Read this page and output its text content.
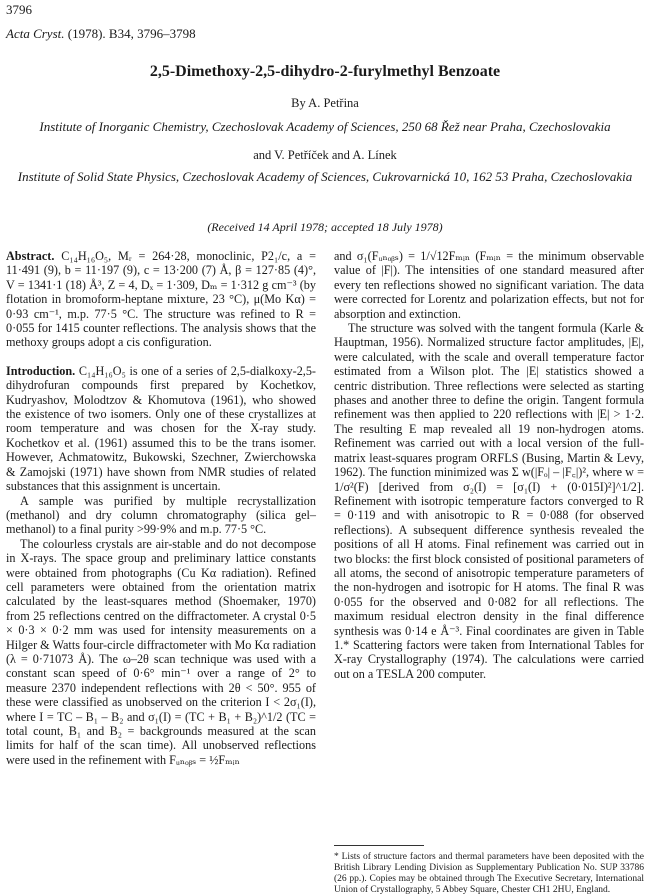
3796
Acta Cryst. (1978). B34, 3796–3798
2,5-Dimethoxy-2,5-dihydro-2-furylmethyl Benzoate
By A. Petřina
Institute of Inorganic Chemistry, Czechoslovak Academy of Sciences, 250 68 Řež near Praha, Czechoslovakia
and V. Petříček and A. Línek
Institute of Solid State Physics, Czechoslovak Academy of Sciences, Cukrovarnická 10, 162 53 Praha, Czechoslovakia
(Received 14 April 1978; accepted 18 July 1978)

Abstract. C₁₄H₁₆O₅, Mᵣ = 264·28, monoclinic, P2₁/c, a = 11·491 (9), b = 11·197 (9), c = 13·200 (7) Å, β = 127·85 (4)°, V = 1341·1 (18) Å³, Z = 4, Dₓ = 1·309, Dₘ = 1·312 g cm⁻³ (by flotation in bromoform-heptane mixture, 23 °C), μ(Mo Kα) = 0·93 cm⁻¹, m.p. 77·5 °C. The structure was refined to R = 0·055 for 1415 counter reflections. The analysis shows that the methoxy groups adopt a cis configuration.

Introduction. C₁₄H₁₆O₅ is one of a series of 2,5-dialkoxy-2,5-dihydrofuran compounds first prepared by Kochetkov, Kudryashov, Molodtzov & Khomutova (1961), who showed the existence of two isomers. Only one of these crystallizes at room temperature and was chosen for the X-ray study. Kochetkov et al. (1961) assumed this to be the trans isomer. However, Achmatowitz, Bukowski, Szechner, Zwierchowska & Zamojski (1971) have shown from NMR studies of related substances that this assignment is uncertain.

A sample was purified by multiple recrystallization (methanol) and dry column chromatography (silica gel–methanol) to a final purity >99·9% and m.p. 77·5 °C.

The colourless crystals are air-stable and do not decompose in X-rays. The space group and preliminary lattice constants were obtained from photographs (Cu Kα radiation). Refined cell parameters were obtained from the orientation matrix calculated by the least-squares method (Shoemaker, 1970) from 25 reflections centred on the diffractometer. A crystal 0·5 × 0·3 × 0·2 mm was used for intensity measurements on a Hilger & Watts four-circle diffractometer with Mo Kα radiation (λ = 0·71073 Å). The ω–2θ scan technique was used with a constant scan speed of 0·6° min⁻¹ over a range of 2° to measure 2370 independent reflections with 2θ < 50°. 955 of these were classified as unobserved on the criterion I < 2σ₁(I), where I = TC – B₁ – B₂ and σ₁(I) = (TC + B₁ + B₂)^1/2 (TC = total count, B₁ and B₂ = backgrounds measured at the scan limits for half of the scan time). All unobserved reflections were used in the refinement with Fᵤₙₒᵦₛ = ½Fₘᵢₙ

and σ₁(Fᵤₙₒᵦₛ) = 1/√12Fₘᵢₙ (Fₘᵢₙ = the minimum observable value of |F|). The intensities of one standard measured after every ten reflections showed no significant variation. The data were corrected for Lorentz and polarization effects, but not for absorption and extinction.

The structure was solved with the tangent formula (Karle & Hauptman, 1956). Normalized structure factor amplitudes, |E|, were calculated, with the scale and overall temperature factor estimated from a Wilson plot. The |E| statistics showed a centric distribution. Three reflections were selected as starting phases and another three to define the origin. Tangent formula refinement was then applied to 220 reflections with |E| > 1·2. The resulting E map revealed all 19 non-hydrogen atoms. Refinement was carried out with a local version of the full-matrix least-squares program ORFLS (Busing, Martin & Levy, 1962). The function minimized was Σ w(|Fₒ| – |F꜀|)², where w = 1/σ²(F) [derived from σ₂(I) = [σ₁(I) + (0·015I)²]^1/2]. Refinement with isotropic temperature factors converged to R = 0·119 and with anisotropic to R = 0·088 (for observed reflections). A subsequent difference synthesis revealed the positions of all H atoms. Final refinement was carried out in two blocks: the first block consisted of positional parameters of all atoms, the second of anisotropic temperature parameters of the non-hydrogen and isotropic for H atoms. The final R was 0·055 for the observed and 0·082 for all reflections. The maximum residual electron density in the final difference synthesis was 0·14 e Å⁻³. Final coordinates are given in Table 1.* Scattering factors were taken from International Tables for X-ray Crystallography (1974). The calculations were carried out on a TESLA 200 computer.

* Lists of structure factors and thermal parameters have been deposited with the British Library Lending Division as Supplementary Publication No. SUP 33786 (26 pp.). Copies may be obtained through The Executive Secretary, International Union of Crystallography, 5 Abbey Square, Chester CH1 2HU, England.
